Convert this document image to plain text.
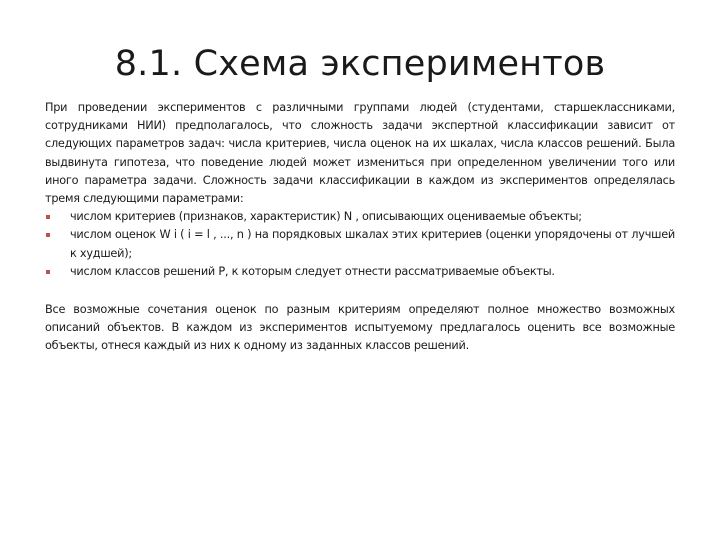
8.1. Схема экспериментов

При проведении экспериментов с различными группами людей (студентами, старшеклассниками, сотрудниками НИИ) предполагалось, что сложность задачи экспертной классификации зависит от следующих параметров задач: числа критериев, числа оценок на их шкалах, числа классов решений. Была выдвинута гипотеза, что поведение людей может измениться при определенном увеличении того или иного параметра задачи. Сложность задачи классификации в каждом из экспериментов определялась тремя следующими параметрами:

числом критериев (признаков, характеристик) N , описывающих оцениваемые объекты;
числом оценок W i ( i = l , ..., n ) на порядковых шкалах этих критериев (оценки упорядочены от лучшей к худшей);
числом классов решений P, к которым следует отнести рассматриваемые объекты.

Все возможные сочетания оценок по разным критериям определяют полное множество возможных описаний объектов. В каждом из экспериментов испытуемому предлагалось оценить все возможные объекты, отнеся каждый из них к одному из заданных классов решений.
